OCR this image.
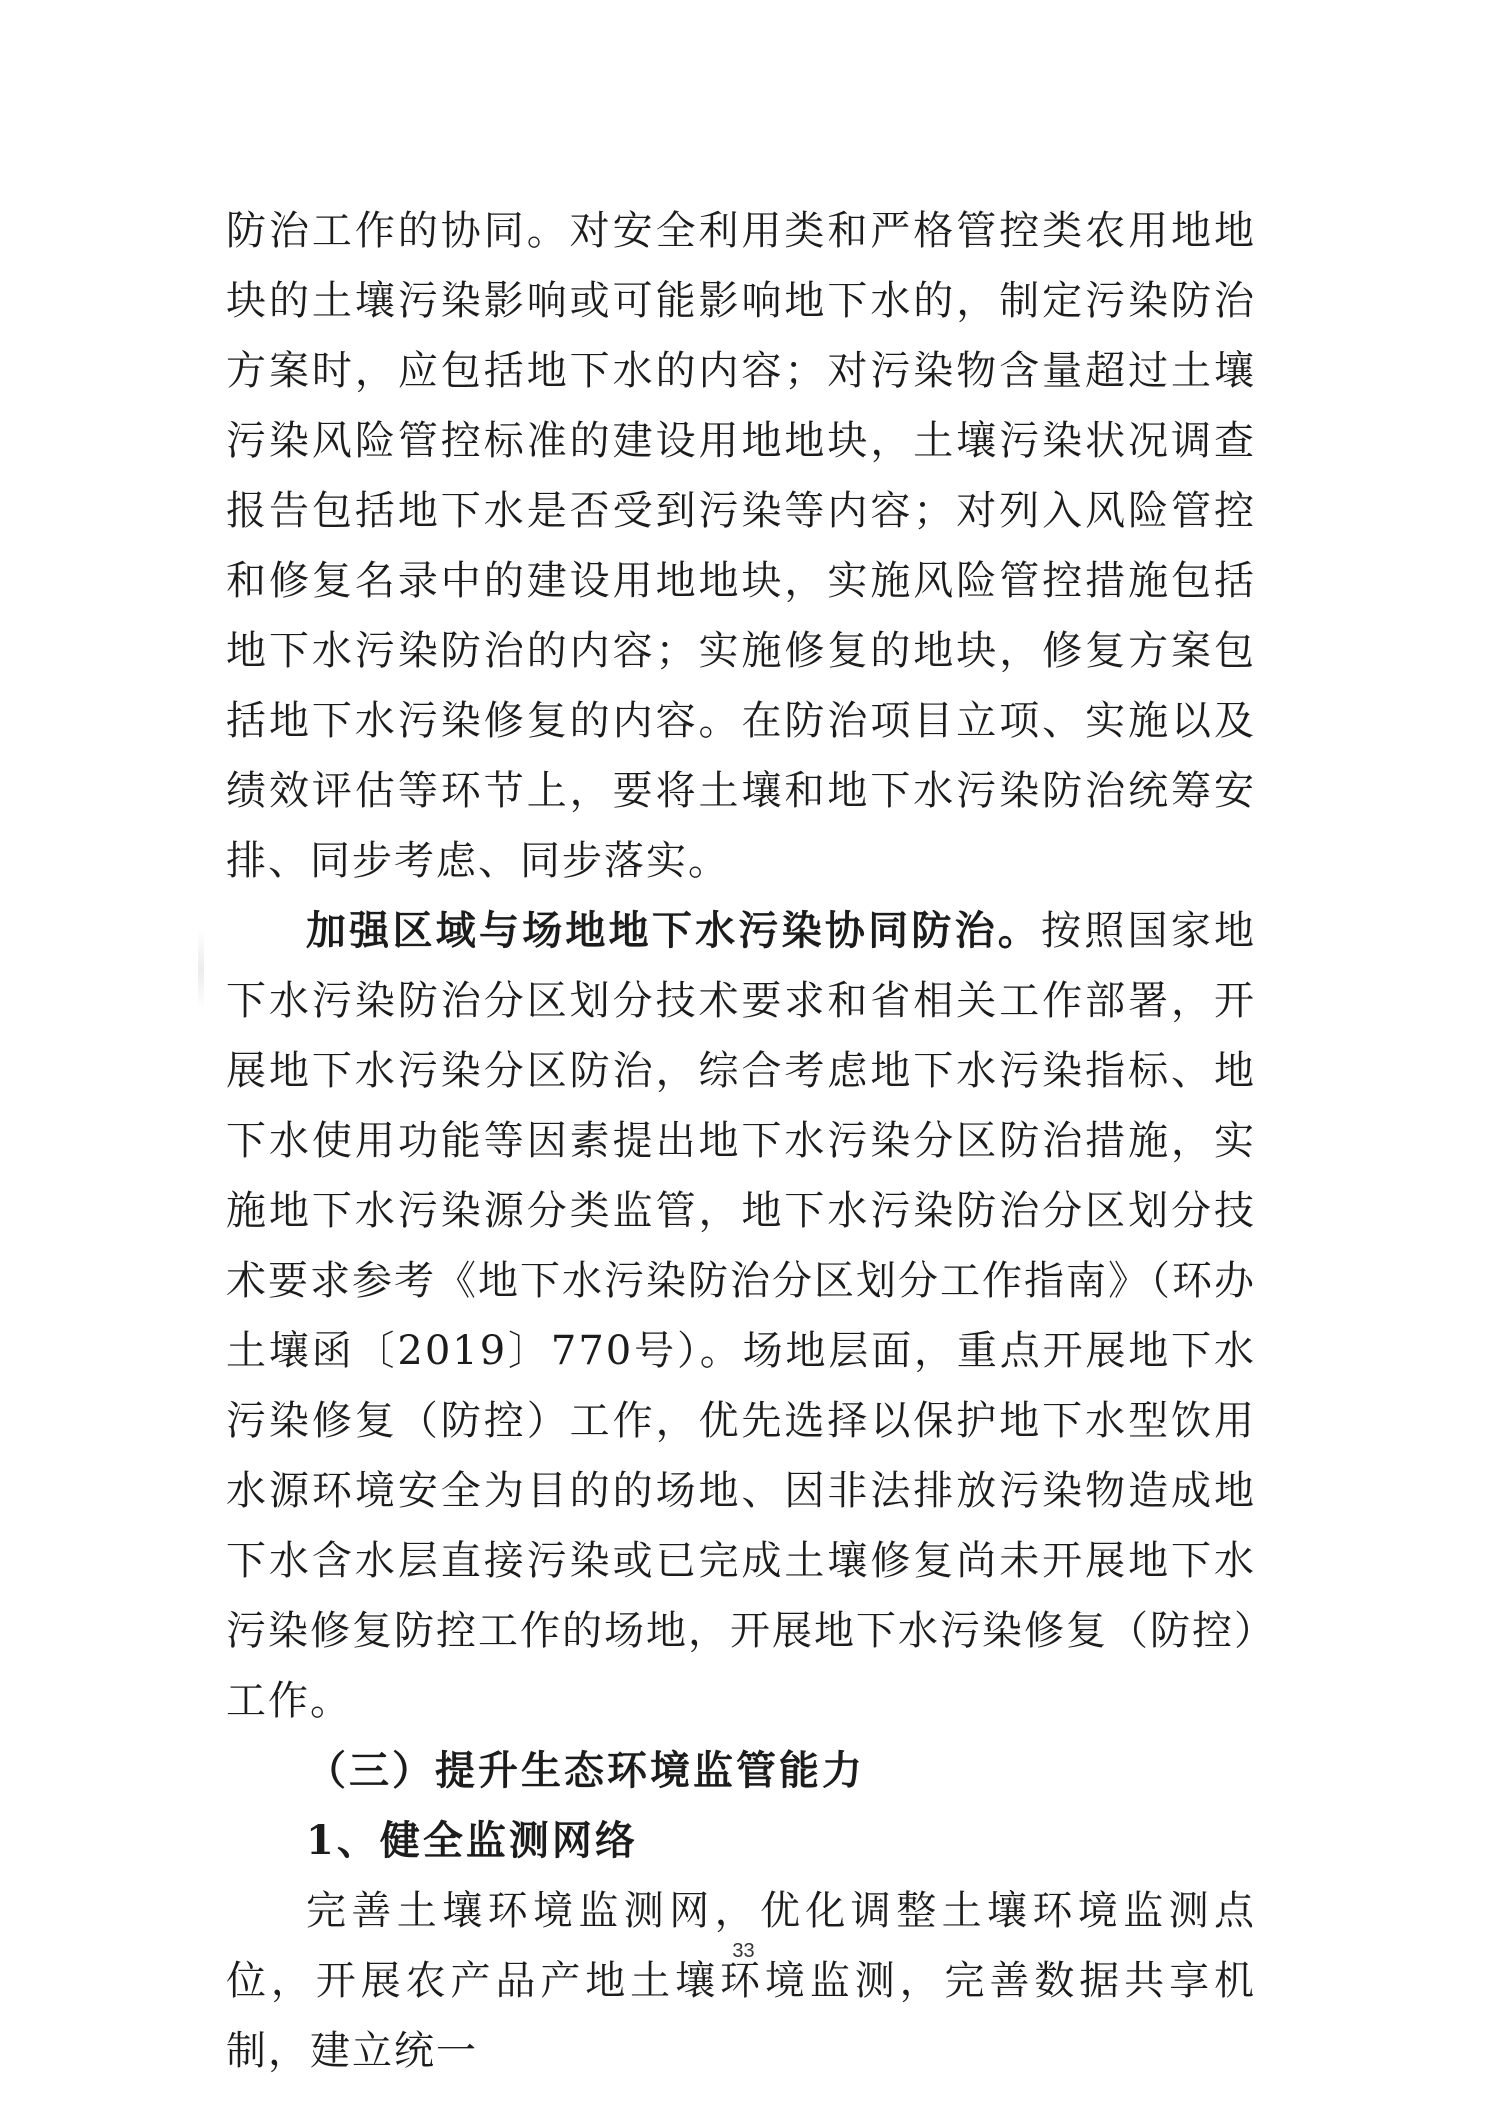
防治工作的协同。对安全利用类和严格管控类农用地地块的土壤污染影响或可能影响地下水的，制定污染防治方案时，应包括地下水的内容；对污染物含量超过土壤污染风险管控标准的建设用地地块，土壤污染状况调查报告包括地下水是否受到污染等内容；对列入风险管控和修复名录中的建设用地地块，实施风险管控措施包括地下水污染防治的内容；实施修复的地块，修复方案包括地下水污染修复的内容。在防治项目立项、实施以及绩效评估等环节上，要将土壤和地下水污染防治统筹安排、同步考虑、同步落实。

加强区域与场地地下水污染协同防治。按照国家地下水污染防治分区划分技术要求和省相关工作部署，开展地下水污染分区防治，综合考虑地下水污染指标、地下水使用功能等因素提出地下水污染分区防治措施，实施地下水污染源分类监管，地下水污染防治分区划分技术要求参考《地下水污染防治分区划分工作指南》（环办土壤函〔2019〕770号）。场地层面，重点开展地下水污染修复（防控）工作，优先选择以保护地下水型饮用水源环境安全为目的的场地、因非法排放污染物造成地下水含水层直接污染或已完成土壤修复尚未开展地下水污染修复防控工作的场地，开展地下水污染修复（防控）工作。

（三）提升生态环境监管能力
1、健全监测网络

完善土壤环境监测网，优化调整土壤环境监测点位，开展农产品产地土壤环境监测，完善数据共享机制，建立统一

33
